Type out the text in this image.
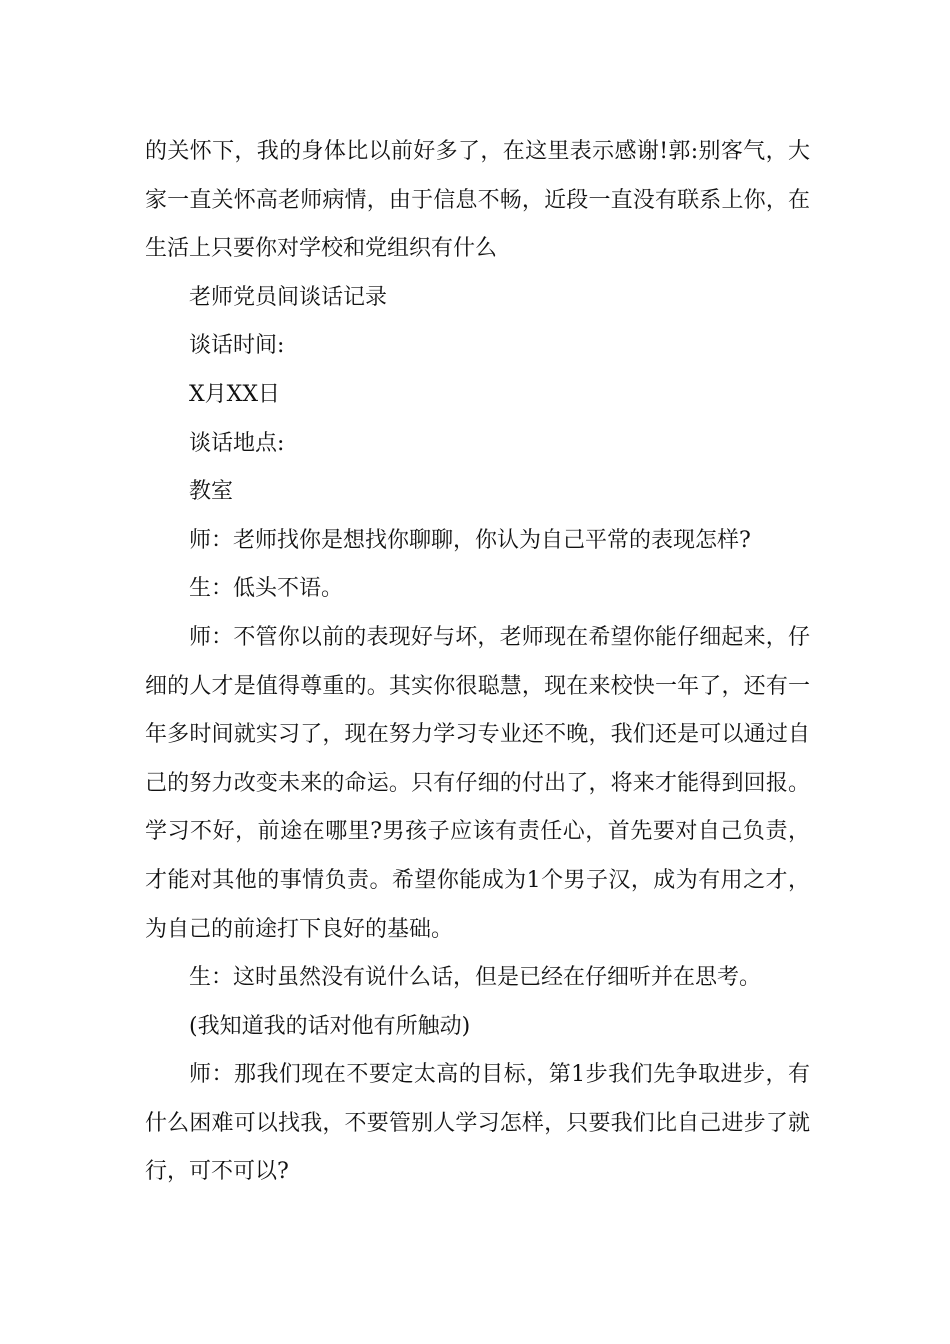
的关怀下，我的身体比以前好多了，在这里表示感谢!郭:别客气，大家一直关怀高老师病情，由于信息不畅，近段一直没有联系上你，在生活上只要你对学校和党组织有什么

老师党员间谈话记录

谈话时间:

X月XX日

谈话地点:

教室

师：老师找你是想找你聊聊，你认为自己平常的表现怎样?

生：低头不语。

师：不管你以前的表现好与坏，老师现在希望你能仔细起来，仔细的人才是值得尊重的。其实你很聪慧，现在来校快一年了，还有一年多时间就实习了，现在努力学习专业还不晚，我们还是可以通过自己的努力改变未来的命运。只有仔细的付出了，将来才能得到回报。学习不好，前途在哪里?男孩子应该有责任心，首先要对自己负责，才能对其他的事情负责。希望你能成为1个男子汉，成为有用之才，为自己的前途打下良好的基础。

生：这时虽然没有说什么话，但是已经在仔细听并在思考。

(我知道我的话对他有所触动)

师：那我们现在不要定太高的目标，第1步我们先争取进步，有什么困难可以找我，不要管别人学习怎样，只要我们比自己进步了就行，可不可以?
